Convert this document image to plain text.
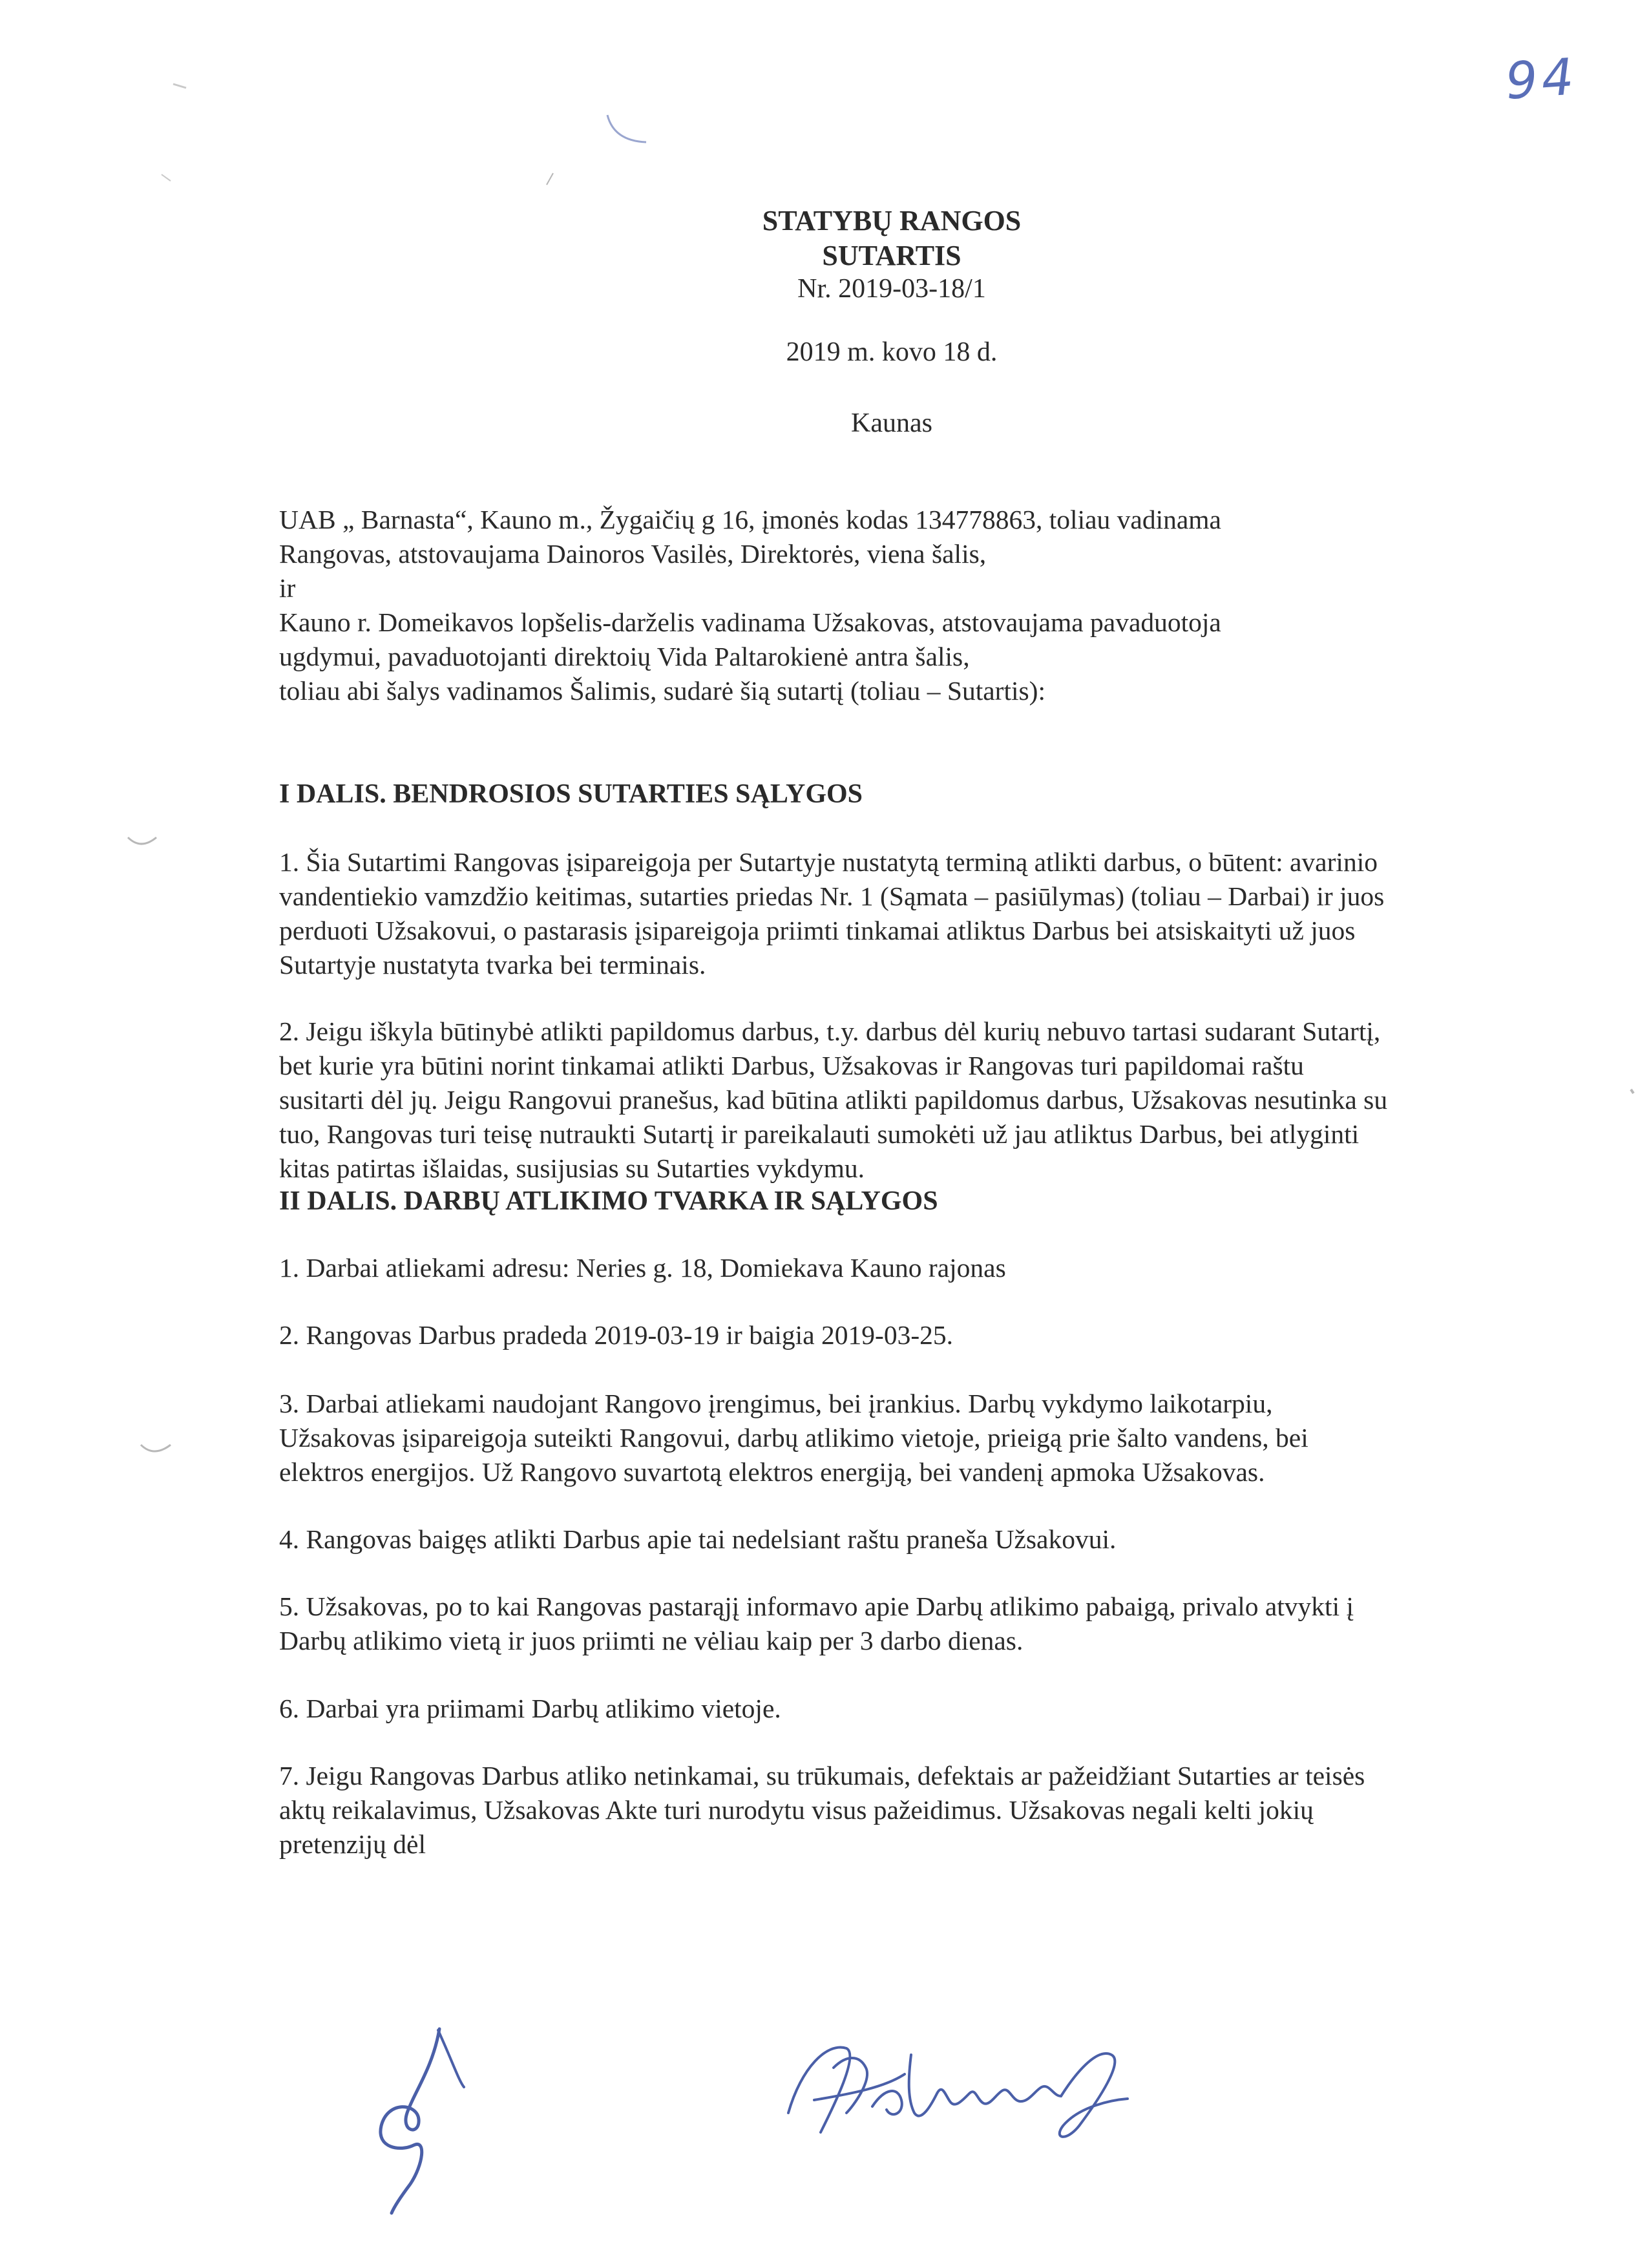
94
STATYBŲ RANGOS
SUTARTIS
Nr. 2019-03-18/1
2019 m. kovo 18 d.
Kaunas
UAB „ Barnasta“, Kauno m., Žygaičių g 16, įmonės kodas 134778863, toliau vadinama
Rangovas, atstovaujama Dainoros Vasilės, Direktorės, viena šalis,
ir
Kauno r. Domeikavos lopšelis-darželis vadinama Užsakovas, atstovaujama pavaduotoja
ugdymui, pavaduotojanti direktoių Vida Paltarokienė antra šalis,
toliau abi šalys vadinamos Šalimis, sudarė šią sutartį (toliau – Sutartis):
I DALIS. BENDROSIOS SUTARTIES SĄLYGOS
1. Šia Sutartimi Rangovas įsipareigoja per Sutartyje nustatytą terminą atlikti darbus, o būtent: avarinio
vandentiekio vamzdžio keitimas, sutarties priedas Nr. 1 (Sąmata – pasiūlymas) (toliau – Darbai) ir juos
perduoti Užsakovui, o pastarasis įsipareigoja priimti tinkamai atliktus Darbus bei atsiskaityti už juos
Sutartyje nustatyta tvarka bei terminais.
2. Jeigu iškyla būtinybė atlikti papildomus darbus, t.y. darbus dėl kurių nebuvo tartasi sudarant Sutartį,
bet kurie yra būtini norint tinkamai atlikti Darbus, Užsakovas ir Rangovas turi papildomai raštu
susitarti dėl jų. Jeigu Rangovui pranešus, kad būtina atlikti papildomus darbus, Užsakovas nesutinka su
tuo, Rangovas turi teisę nutraukti Sutartį ir pareikalauti sumokėti už jau atliktus Darbus, bei atlyginti
kitas patirtas išlaidas, susijusias su Sutarties vykdymu.
II DALIS. DARBŲ ATLIKIMO TVARKA IR SĄLYGOS
1. Darbai atliekami adresu: Neries g. 18, Domiekava Kauno rajonas
2. Rangovas Darbus pradeda 2019-03-19 ir baigia 2019-03-25.
3. Darbai atliekami naudojant Rangovo įrengimus, bei įrankius. Darbų vykdymo laikotarpiu,
Užsakovas įsipareigoja suteikti Rangovui, darbų atlikimo vietoje, prieigą prie šalto vandens, bei
elektros energijos. Už Rangovo suvartotą elektros energiją, bei vandenį apmoka Užsakovas.
4. Rangovas baigęs atlikti Darbus apie tai nedelsiant raštu praneša Užsakovui.
5. Užsakovas, po to kai Rangovas pastarąjį informavo apie Darbų atlikimo pabaigą, privalo atvykti į
Darbų atlikimo vietą ir juos priimti ne vėliau kaip per 3 darbo dienas.
6. Darbai yra priimami Darbų atlikimo vietoje.
7. Jeigu Rangovas Darbus atliko netinkamai, su trūkumais, defektais ar pažeidžiant Sutarties ar teisės
aktų reikalavimus, Užsakovas Akte turi nurodytu visus pažeidimus. Užsakovas negali kelti jokių
pretenzijų dėl
